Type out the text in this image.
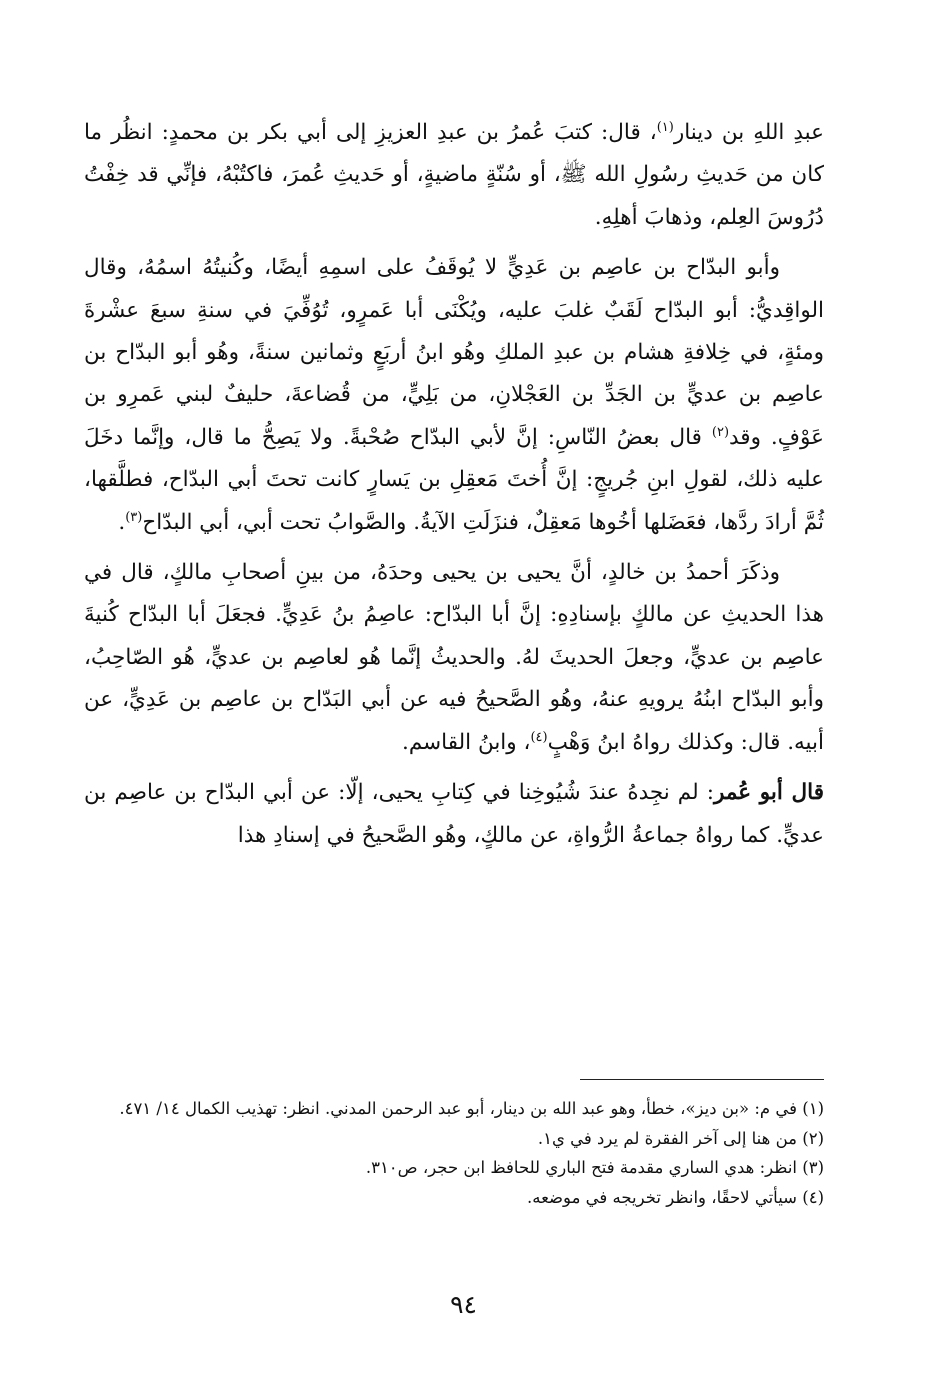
عبدِ اللهِ بن دينار$^{(١)}$، قال: كتبَ عُمرُ بن عبدِ العزيزِ إلى أبي بكر بن محمدٍ: انظُر ما كان من حَديثِ رسُولِ الله ﷺ، أو سُنّةٍ ماضيةٍ، أو حَديثِ عُمرَ، فاكتُبْهُ، فإنِّي قد خِفْتُ دُرُوسَ العِلم، وذهابَ أهلِهِ.

وأبو البدّاح بن عاصِم بن عَدِيٍّ لا يُوقَفُ على اسمِهِ أيضًا، وكُنيتُهُ اسمُهُ، وقال الواقِديُّ: أبو البدّاح لَقَبٌ غلبَ عليه، ويُكْنَى أبا عَمرٍو، تُوُفِّيَ في سنةِ سبعَ عشْرةَ ومئةٍ، في خِلافةِ هشام بن عبدِ الملكِ وهُو ابنُ أربَعٍ وثمانين سنةً، وهُو أبو البدّاح بن عاصِم بن عديٍّ بن الجَدِّ بن العَجْلانِ، من بَلِيٍّ، من قُضاعةَ، حليفٌ لبني عَمرِو بن عَوْفٍ. وقد$^{(٢)}$ قال بعضُ النّاسِ: إنَّ لأبي البدّاح صُحْبةً. ولا يَصِحُّ ما قال، وإنَّما دخَلَ عليه ذلك، لقولِ ابنِ جُريجٍ: إنَّ أُختَ مَعقِلِ بن يَسارٍ كانت تحتَ أبي البدّاح، فطلَّقها، ثُمَّ أرادَ ردَّها، فعَضَلها أخُوها مَعقِلٌ، فنزَلَتِ الآيةُ. والصَّوابُ تحت أبي، أبي البدّاح$^{(٣)}$.

وذكَرَ أحمدُ بن خالدٍ، أنَّ يحيى بن يحيى وحدَهُ، من بينِ أصحابِ مالكٍ، قال في هذا الحديثِ عن مالكٍ بإسنادِهِ: إنَّ أبا البدّاح: عاصِمُ بنُ عَدِيٍّ. فجعَلَ أبا البدّاح كُنيةَ عاصِم بن عديٍّ، وجعلَ الحديثَ لهُ. والحديثُ إنَّما هُو لعاصِم بن عديٍّ، هُو الصّاحِبُ، وأبو البدّاح ابنُهُ يرويهِ عنهُ، وهُو الصَّحيحُ فيه عن أبي البَدّاح بن عاصِم بن عَدِيٍّ، عن أبيه. قال: وكذلك رواهُ ابنُ وَهْبٍ$^{(٤)}$، وابنُ القاسم.

قال أبو عُمر: لم نجِدهُ عندَ شُيُوخِنا في كِتابِ يحيى، إلّا: عن أبي البدّاح بن عاصِم بن عديٍّ. كما رواهُ جماعةُ الرُّواةِ، عن مالكٍ، وهُو الصَّحيحُ في إسنادِ هذا

(١) في م: «بن ديز»، خطأ، وهو عبد الله بن دينار، أبو عبد الرحمن المدني. انظر: تهذيب الكمال ١٤/ ٤٧١.

(٢) من هنا إلى آخر الفقرة لم يرد في ي١.

(٣) انظر: هدي الساري مقدمة فتح الباري للحافظ ابن حجر، ص٣١٠.

(٤) سيأتي لاحقًا، وانظر تخريجه في موضعه.

٩٤
